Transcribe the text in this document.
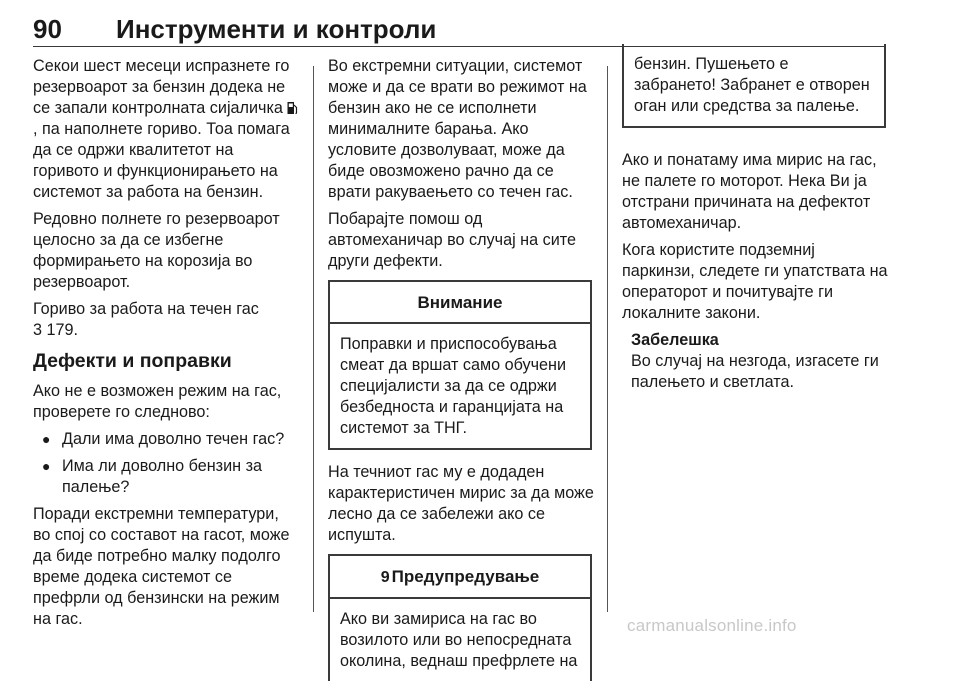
90 Инструменти и контроли

Секои шест месеци испразнете го резервоарот за бензин додека не се запали контролната сијаличка  , па наполнете гориво. Тоа помага да се одржи квалитетот на горивото и функционирањето на системот за работа на бензин.

Редовно полнете го резервоарот целосно за да се избегне формирањето на корозија во резервоарот.

Гориво за работа на течен гас
3 179.

Дефекти и поправки

Ако не е возможен режим на гас, проверете го следново:

● Дали има доволно течен гас?
● Има ли доволно бензин за палење?

Поради екстремни температури, во спој со составот на гасот, може да биде потребно малку подолго време додека системот се префрли од бензински на режим на гас.

Во екстремни ситуации, системот може и да се врати во режимот на бензин ако не се исполнети минималните барања. Ако условите дозволуваат, може да биде овозможено рачно да се врати ракуваењето со течен гас.

Побарајте помош од автомеханичар во случај на сите други дефекти.

Внимание
Поправки и приспособувања смеат да вршат само обучени специјалисти за да се одржи безбедноста и гаранцијата на системот за ТНГ.

На течниот гас му е додаден карактеристичен мирис за да може лесно да се забележи ако се испушта.

9 Предупредување
Ако ви замириса на гас во возилото или во непосредната околина, веднаш префрлете на
бензин. Пушењето е забрането! Забранет е отворен оган или средства за палење.

Ако и понатаму има мирис на гас, не палете го моторот. Нека Ви ја отстрани причината на дефектот автомеханичар.

Кога користите подземниј паркинзи, следете ги упатствата на операторот и почитувајте ги локалните закони.

Забелешка
Во случај на незгода, изгасете ги палењето и светлата.
carmanualsonline.info
